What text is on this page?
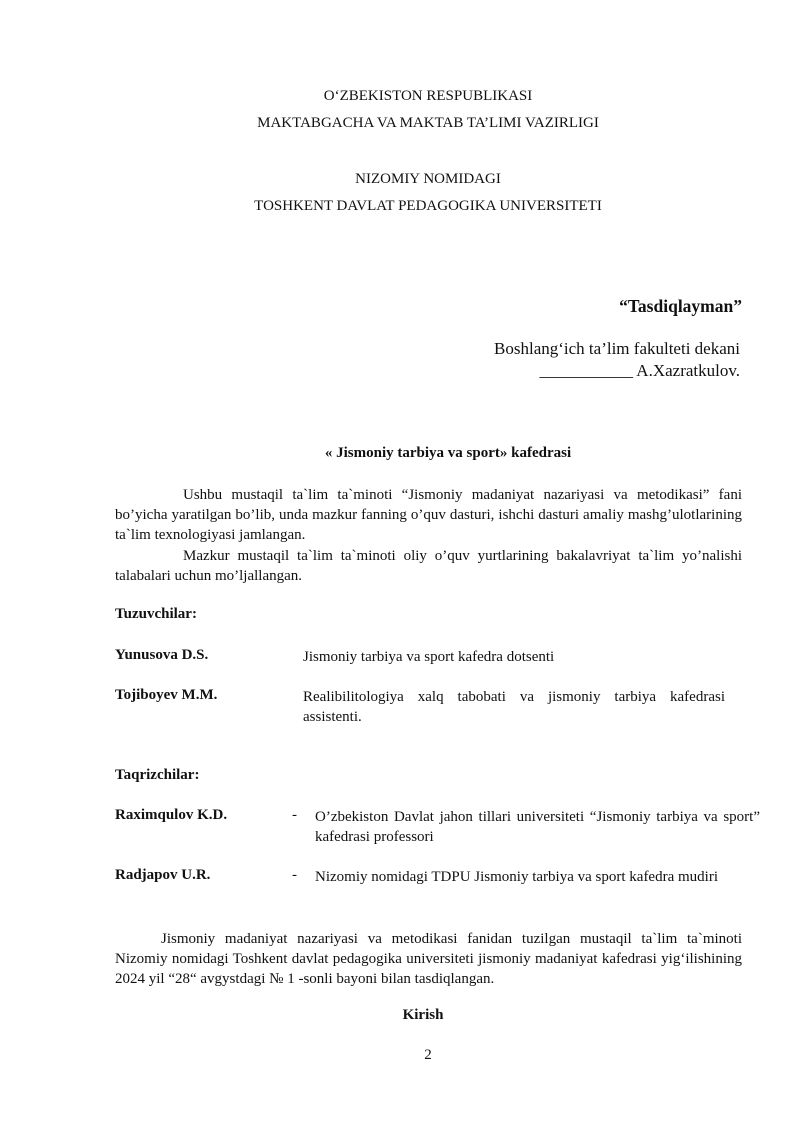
O‘ZBEKISTON RESPUBLIKASI
MAKTABGACHA VA MAKTAB TA’LIMI VAZIRLIGI
NIZOMIY NOMIDAGI
TOSHKENT DAVLAT PEDAGOGIKA UNIVERSITETI
“Tasdiqlayman”
Boshlang‘ich ta’lim fakulteti dekani
___________ A.Xazratkulov.
« Jismoniy tarbiya va sport» kafedrasi
Ushbu mustaqil ta`lim ta`minoti “Jismoniy madaniyat nazariyasi va metodikasi” fani bo’yicha yaratilgan bo’lib, unda mazkur fanning o’quv dasturi, ishchi dasturi amaliy mashg’ulotlarining ta`lim texnologiyasi jamlangan.
Mazkur mustaqil ta`lim ta`minoti oliy o’quv yurtlarining bakalavriyat ta`lim yo’nalishi talabalari uchun mo’ljallangan.
Tuzuvchilar:
Yunusova D.S.	Jismoniy tarbiya va sport kafedra dotsenti
Tojiboyev M.M.	Realibilitologiya xalq tabobati va jismoniy tarbiya kafedrasi assistenti.
Taqrizchilar:
Raximqulov K.D.	- O’zbekiston Davlat jahon tillari universiteti “Jismoniy tarbiya va sport” kafedrasi professori
Radjapov U.R.	- Nizomiy nomidagi TDPU Jismoniy tarbiya va sport kafedra mudiri
Jismoniy madaniyat nazariyasi va metodikasi fanidan tuzilgan mustaqil ta`lim ta`minoti Nizomiy nomidagi Toshkent davlat pedagogika universiteti jismoniy madaniyat kafedrasi yig‘ilishining 2024 yil “28“ avgystdagi № 1 -sonli bayoni bilan tasdiqlangan.
Kirish
2
